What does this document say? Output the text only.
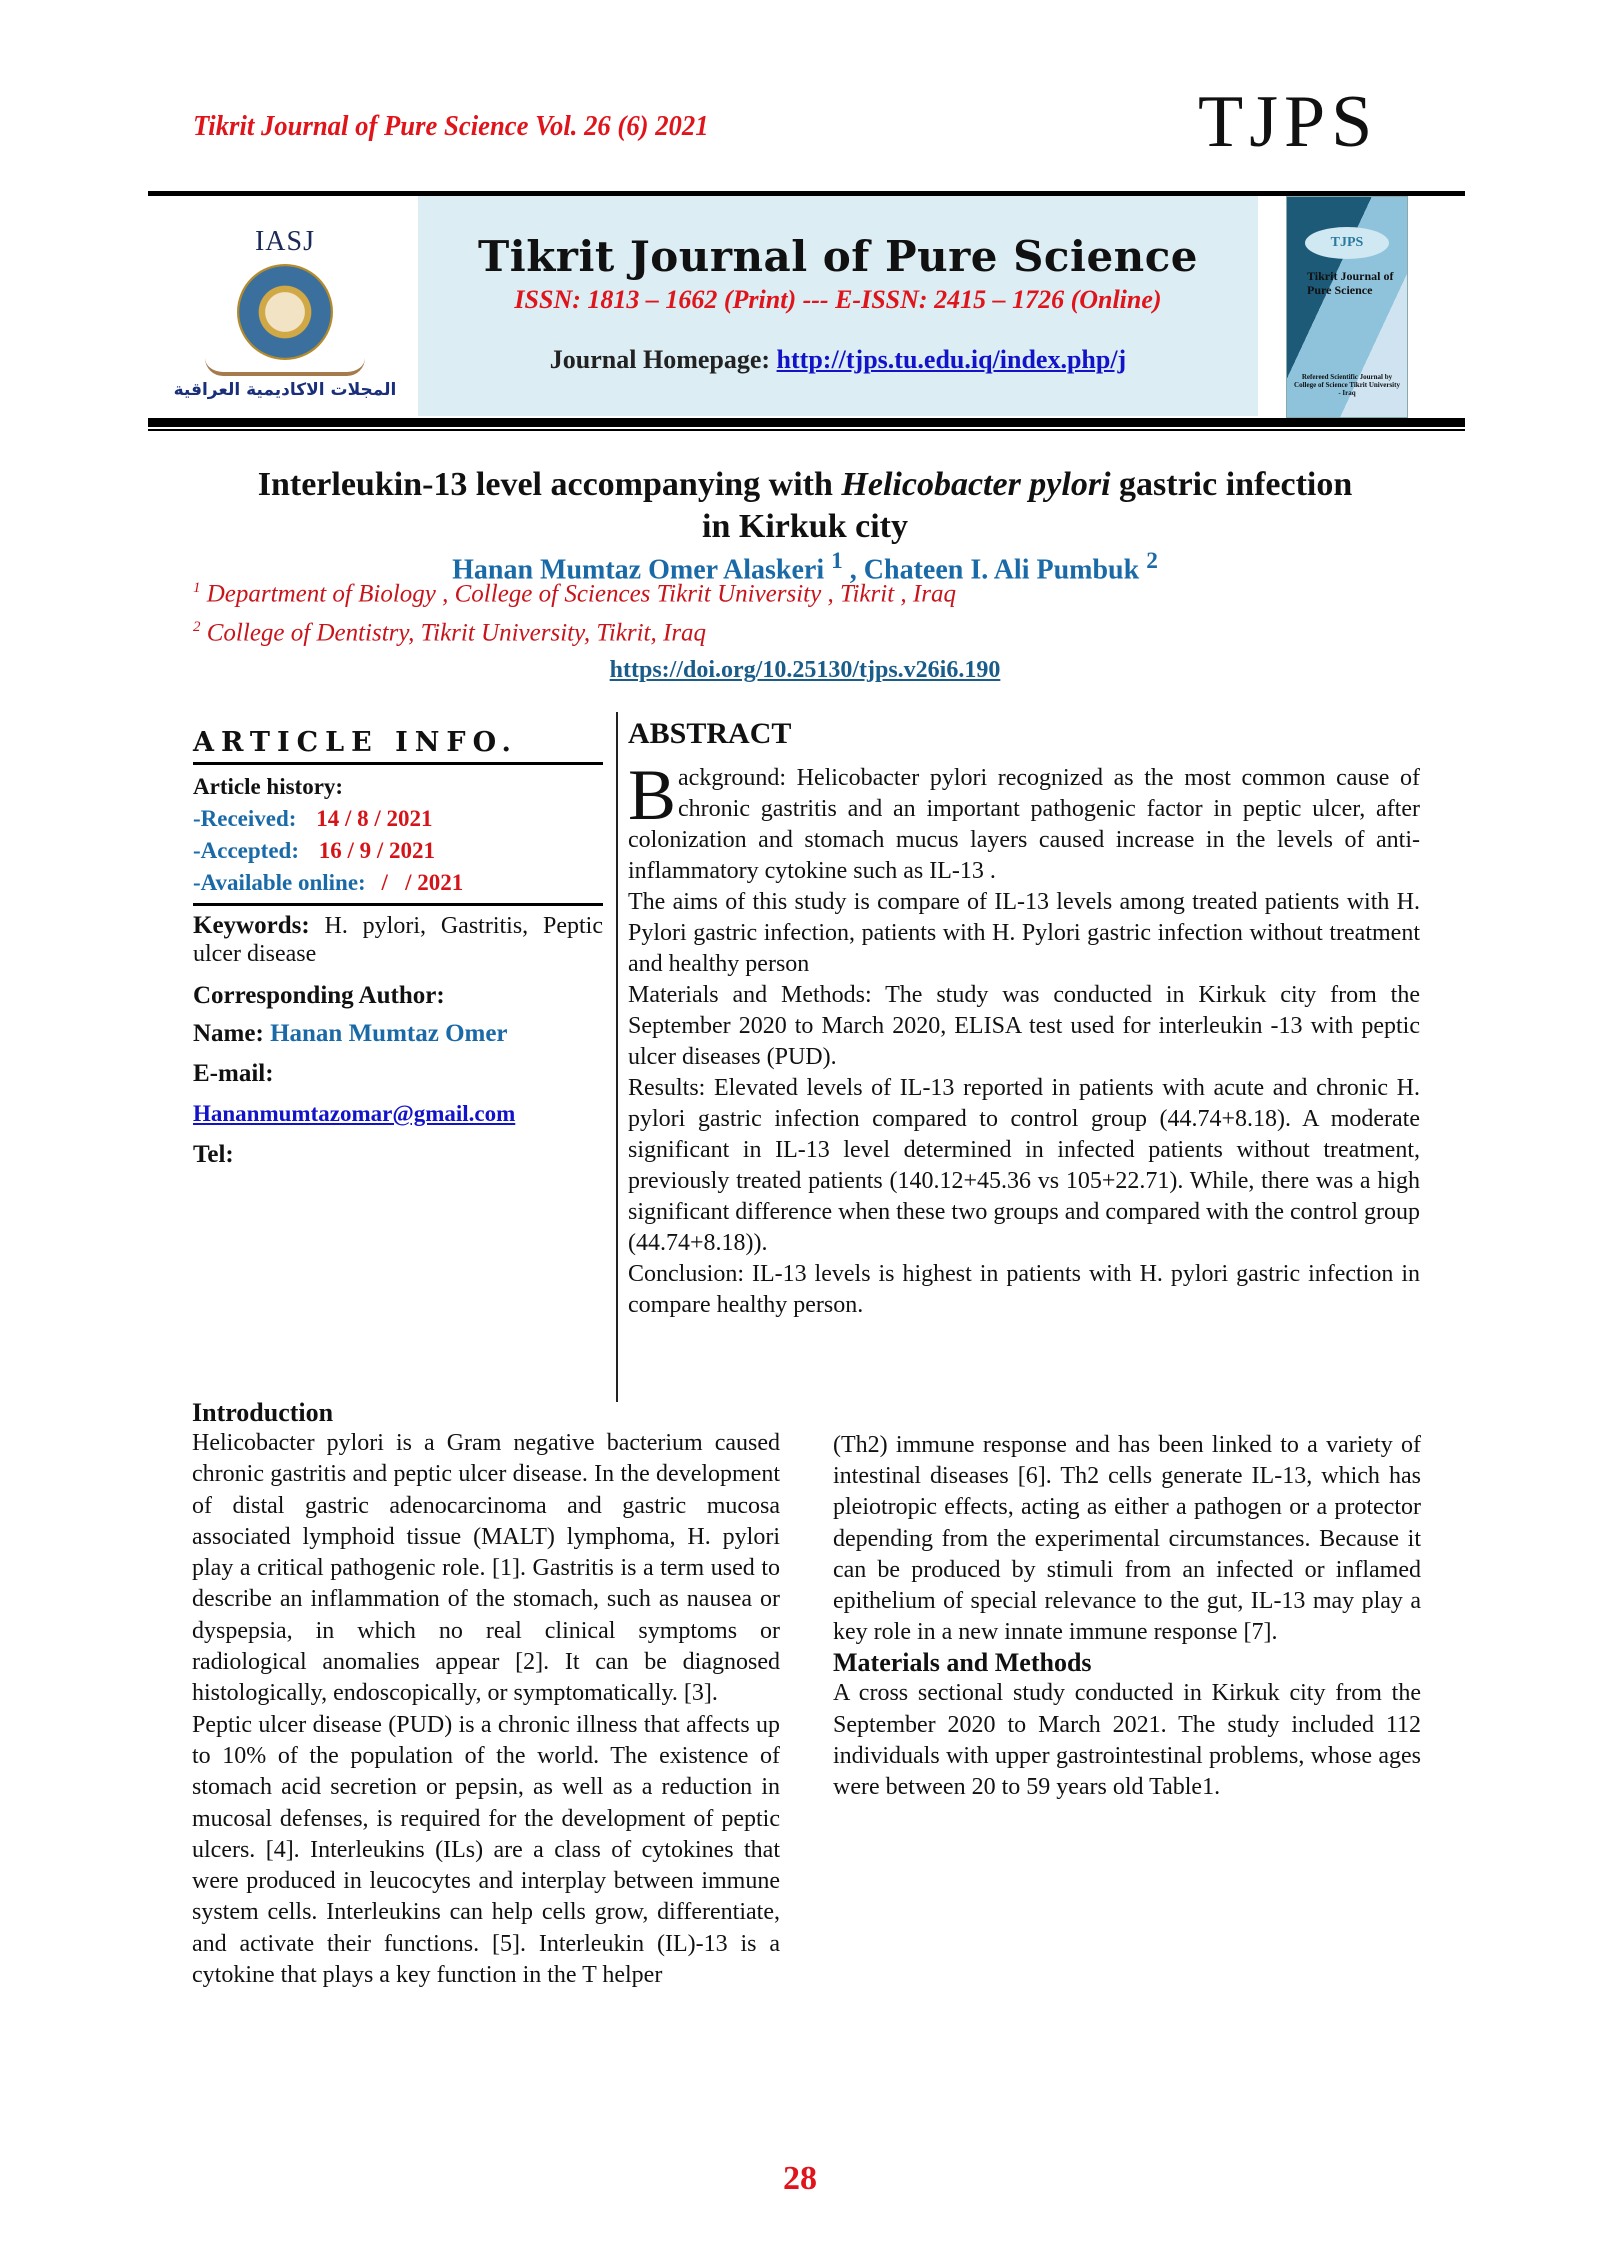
Tikrit Journal of Pure Science Vol. 26 (6) 2021	TJPS
IASJ
المجلات الاكاديمية العراقية
Tikrit Journal of Pure Science
ISSN: 1813 – 1662 (Print) --- E-ISSN: 2415 – 1726 (Online)
Journal Homepage: http://tjps.tu.edu.iq/index.php/j
TJPS
Tikrit Journal of Pure Science
Refereed Scientific Journal by College of Science Tikrit University - Iraq
Interleukin-13 level accompanying with Helicobacter pylori gastric infection
in Kirkuk city
Hanan Mumtaz Omer Alaskeri $^1$ , Chateen I. Ali Pumbuk $^2$
$^1$ Department of Biology , College of Sciences Tikrit University , Tikrit , Iraq
$^2$ College of Dentistry, Tikrit University, Tikrit, Iraq
https://doi.org/10.25130/tjps.v26i6.190
ARTICLE INFO.
Article history:
-Received: 14 / 8 / 2021
-Accepted: 16 / 9 / 2021
-Available online: /   / 2021
Keywords: H. pylori, Gastritis, Peptic ulcer disease
Corresponding Author:
Name: Hanan Mumtaz Omer
E-mail:
Hananmumtazomar@gmail.com
Tel:
ABSTRACT

Background: Helicobacter pylori recognized as the most common cause of chronic gastritis and an important pathogenic factor in peptic ulcer, after colonization and stomach mucus layers caused increase in the levels of anti-inflammatory cytokine such as IL-13 .

The aims of this study is compare of IL-13 levels among treated patients with H. Pylori gastric infection, patients with H. Pylori gastric infection without treatment and healthy person

Materials and Methods: The study was conducted in Kirkuk city from the September 2020 to March 2020, ELISA test used for interleukin -13 with peptic ulcer diseases (PUD).

Results: Elevated levels of IL-13 reported in patients with acute and chronic H. pylori gastric infection compared to control group (44.74+8.18). A moderate significant in IL-13 level determined in infected patients without treatment, previously treated patients (140.12+45.36 vs 105+22.71). While, there was a high significant difference when these two groups and compared with the control group (44.74+8.18)).

Conclusion: IL-13 levels is highest in patients with H. pylori gastric infection in compare healthy person.

Introduction

Helicobacter pylori is a Gram negative bacterium caused chronic gastritis and peptic ulcer disease. In the development of distal gastric adenocarcinoma and gastric mucosa associated lymphoid tissue (MALT) lymphoma, H. pylori play a critical pathogenic role. [1]. Gastritis is a term used to describe an inflammation of the stomach, such as nausea or dyspepsia, in which no real clinical symptoms or radiological anomalies appear [2]. It can be diagnosed histologically, endoscopically, or symptomatically. [3].

Peptic ulcer disease (PUD) is a chronic illness that affects up to 10% of the population of the world. The existence of stomach acid secretion or pepsin, as well as a reduction in mucosal defenses, is required for the development of peptic ulcers. [4]. Interleukins (ILs) are a class of cytokines that were produced in leucocytes and interplay between immune system cells. Interleukins can help cells grow, differentiate, and activate their functions. [5]. Interleukin (IL)-13 is a cytokine that plays a key function in the T helper

(Th2) immune response and has been linked to a variety of intestinal diseases [6]. Th2 cells generate IL-13, which has pleiotropic effects, acting as either a pathogen or a protector depending from the experimental circumstances. Because it can be produced by stimuli from an infected or inflamed epithelium of special relevance to the gut, IL-13 may play a key role in a new innate immune response [7].

Materials and Methods

A cross sectional study conducted in Kirkuk city from the September 2020 to March 2021. The study included 112 individuals with upper gastrointestinal problems, whose ages were between 20 to 59 years old Table1.

28
